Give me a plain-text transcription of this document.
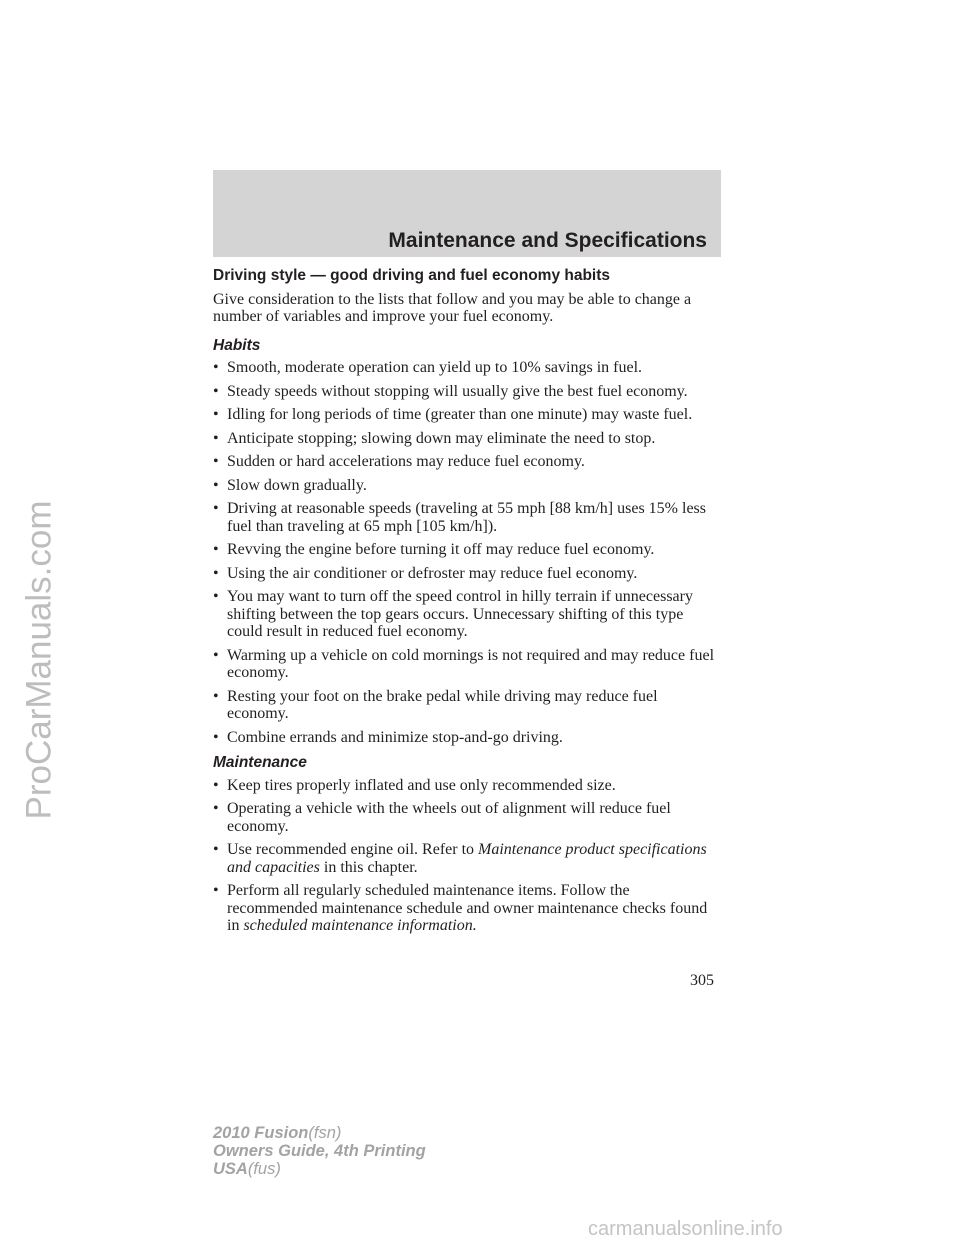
ProCarManuals.com
Maintenance and Specifications
Driving style — good driving and fuel economy habits

Give consideration to the lists that follow and you may be able to change a number of variables and improve your fuel economy.

Habits
• Smooth, moderate operation can yield up to 10% savings in fuel.
• Steady speeds without stopping will usually give the best fuel economy.
• Idling for long periods of time (greater than one minute) may waste fuel.
• Anticipate stopping; slowing down may eliminate the need to stop.
• Sudden or hard accelerations may reduce fuel economy.
• Slow down gradually.
• Driving at reasonable speeds (traveling at 55 mph [88 km/h] uses 15% less fuel than traveling at 65 mph [105 km/h]).
• Revving the engine before turning it off may reduce fuel economy.
• Using the air conditioner or defroster may reduce fuel economy.
• You may want to turn off the speed control in hilly terrain if unnecessary shifting between the top gears occurs. Unnecessary shifting of this type could result in reduced fuel economy.
• Warming up a vehicle on cold mornings is not required and may reduce fuel economy.
• Resting your foot on the brake pedal while driving may reduce fuel economy.
• Combine errands and minimize stop-and-go driving.
Maintenance
• Keep tires properly inflated and use only recommended size.
• Operating a vehicle with the wheels out of alignment will reduce fuel economy.
• Use recommended engine oil. Refer to Maintenance product specifications and capacities in this chapter.
• Perform all regularly scheduled maintenance items. Follow the recommended maintenance schedule and owner maintenance checks found in scheduled maintenance information.
305
2010 Fusion(fsn)
Owners Guide, 4th Printing
USA(fus)
carmanualsonline.info
